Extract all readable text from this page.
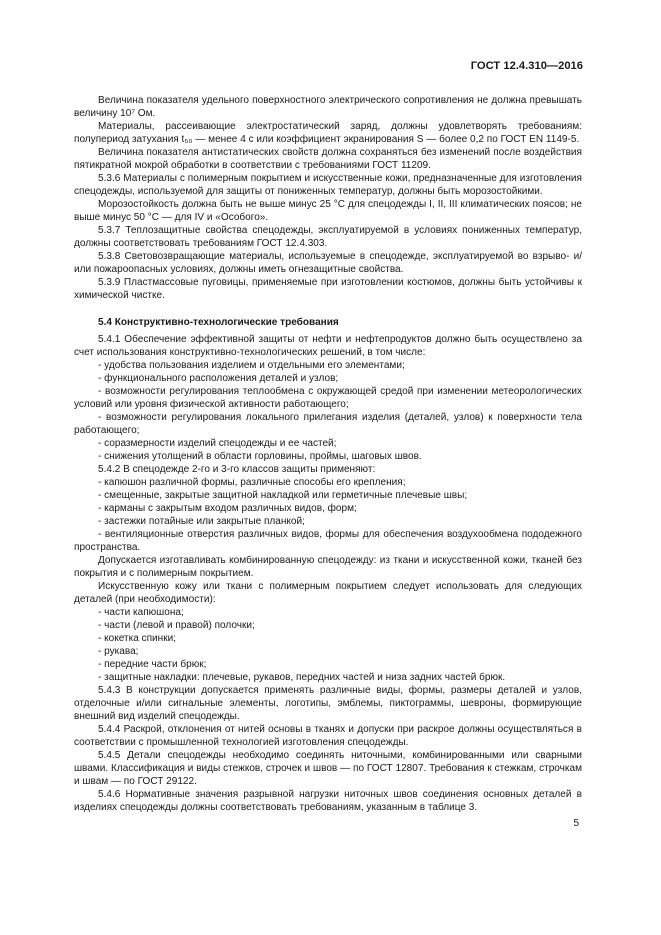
ГОСТ 12.4.310—2016

Величина показателя удельного поверхностного электрического сопротивления не должна превышать величину 10⁷ Ом.

Материалы, рассеивающие электростатический заряд, должны удовлетворять требованиям: полупериод затухания t₅₀ — менее 4 с или коэффициент экранирования S — более 0,2 по ГОСТ EN 1149-5.

Величина показателя антистатических свойств должна сохраняться без изменений после воздействия пятикратной мокрой обработки в соответствии с требованиями ГОСТ 11209.

5.3.6 Материалы с полимерным покрытием и искусственные кожи, предназначенные для изготовления спецодежды, используемой для защиты от пониженных температур, должны быть морозостойкими.

Морозостойкость должна быть не выше минус 25 °С для спецодежды I, II, III климатических поясов; не выше минус 50 °С — для IV и «Особого».

5.3.7 Теплозащитные свойства спецодежды, эксплуатируемой в условиях пониженных температур, должны соответствовать требованиям ГОСТ 12.4.303.

5.3.8 Световозвращающие материалы, используемые в спецодежде, эксплуатируемой во взрыво- и/или пожароопасных условиях, должны иметь огнезащитные свойства.

5.3.9 Пластмассовые пуговицы, применяемые при изготовлении костюмов, должны быть устойчивы к химической чистке.

5.4 Конструктивно-технологические требования

5.4.1 Обеспечение эффективной защиты от нефти и нефтепродуктов должно быть осуществлено за счет использования конструктивно-технологических решений, в том числе:

- удобства пользования изделием и отдельными его элементами;

- функционального расположения деталей и узлов;

- возможности регулирования теплообмена с окружающей средой при изменении метеорологических условий или уровня физической активности работающего;

- возможности регулирования локального прилегания изделия (деталей, узлов) к поверхности тела работающего;

- соразмерности изделий спецодежды и ее частей;

- снижения утолщений в области горловины, проймы, шаговых швов.

5.4.2 В спецодежде 2-го и 3-го классов защиты применяют:

- капюшон различной формы, различные способы его крепления;

- смещенные, закрытые защитной накладкой или герметичные плечевые швы;

- карманы с закрытым входом различных видов, форм;

- застежки потайные или закрытые планкой;

- вентиляционные отверстия различных видов, формы для обеспечения воздухообмена пододежного пространства.

Допускается изготавливать комбинированную спецодежду: из ткани и искусственной кожи, тканей без покрытия и с полимерным покрытием.

Искусственную кожу или ткани с полимерным покрытием следует использовать для следующих деталей (при необходимости):

- части капюшона;

- части (левой и правой) полочки;

- кокетка спинки;

- рукава;

- передние части брюк;

- защитные накладки: плечевые, рукавов, передних частей и низа задних частей брюк.

5.4.3 В конструкции допускается применять различные виды, формы, размеры деталей и узлов, отделочные и/или сигнальные элементы, логотипы, эмблемы, пиктограммы, шевроны, формирующие внешний вид изделий спецодежды.

5.4.4 Раскрой, отклонения от нитей основы в тканях и допуски при раскрое должны осуществляться в соответствии с промышленной технологией изготовления спецодежды.

5.4.5 Детали спецодежды необходимо соединять ниточными, комбинированными или сварными швами. Классификация и виды стежков, строчек и швов — по ГОСТ 12807. Требования к стежкам, строчкам и швам — по ГОСТ 29122.

5.4.6 Нормативные значения разрывной нагрузки ниточных швов соединения основных деталей в изделиях спецодежды должны соответствовать требованиям, указанным в таблице 3.

5
